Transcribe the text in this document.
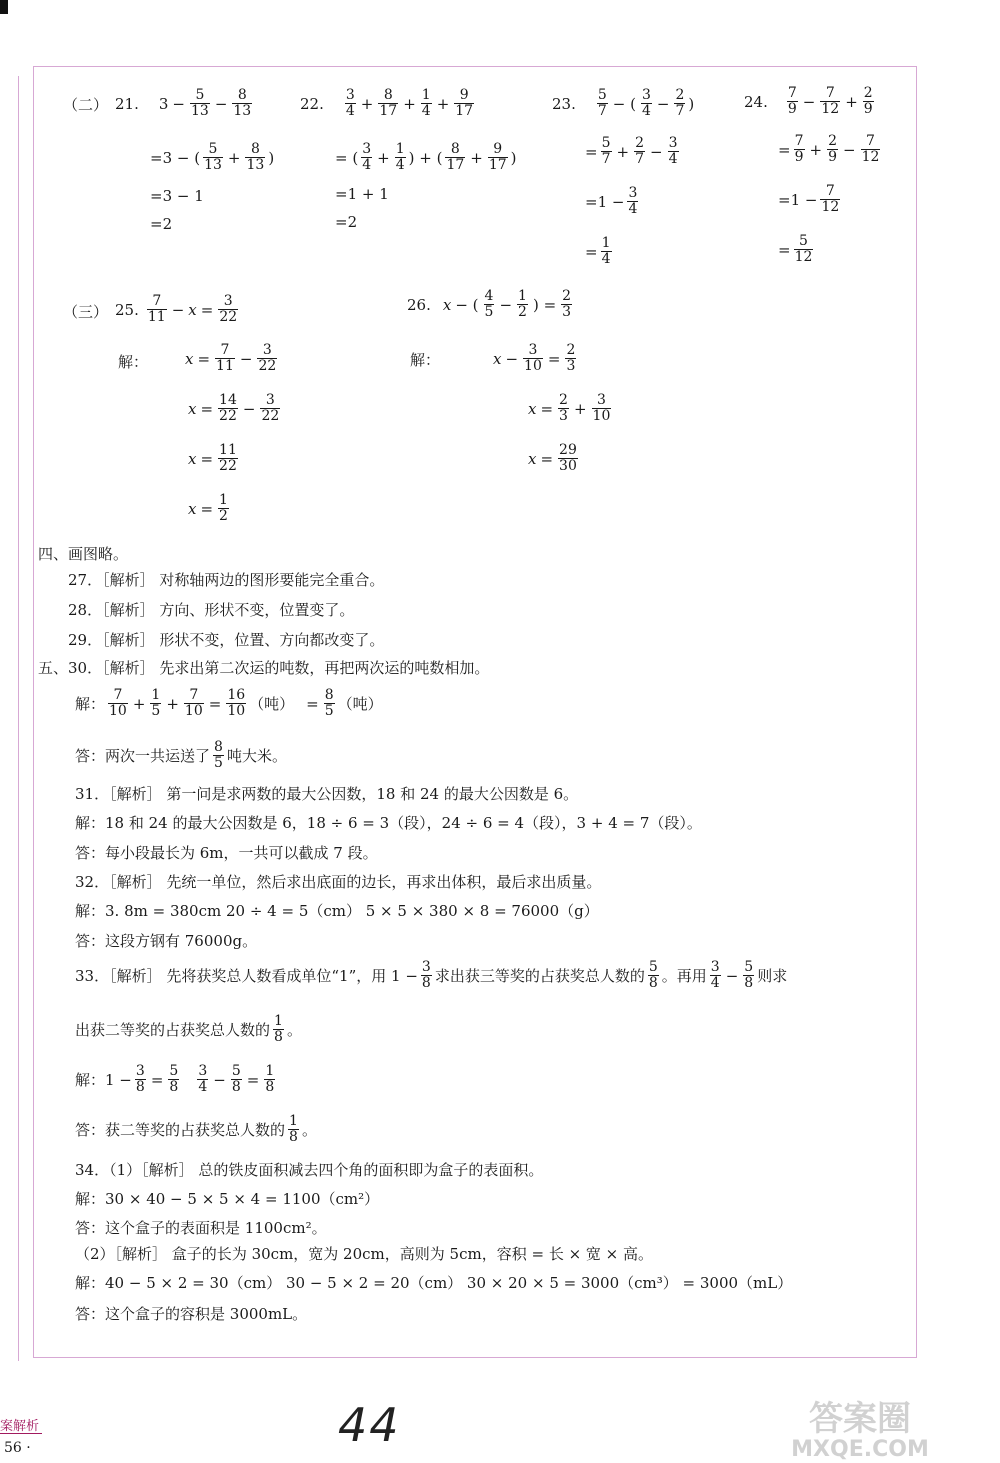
（二） 21. $3 - \frac{5}{13} - \frac{8}{13}$
=3 − ( 5
$13 + \frac{8}{13}$ )
=3 − 1
=2
22. 3
$4 + \frac{8}{17} + \frac{1}{4} + \frac{9}{17}$
= ( 3
$4 + \frac{1}{4}$ ) + ( 8
$17 + \frac{9}{17}$ )
=1 + 1
=2
23. 5
7 − ( 3
$4 - \frac{2}{7}$ )
= $\frac{5}{7} + \frac{2}{7} - \frac{3}{4}$
$=1 - \frac{3}{4}$
= $\frac{1}{4}$
24. 7
$9 - \frac{7}{12} + \frac{2}{9}$
= $\frac{7}{9} + \frac{2}{9} - \frac{7}{12}$
$=1 - \frac{7}{12}$
= $\frac{5}{12}$
（三） 25. 7
$11 - x = \frac{3}{22}$
解： $x = \frac{7}{11} - \frac{3}{22}$
$x = \frac{14}{22} - \frac{3}{22}$
$x = \frac{11}{22}$
$x = \frac{1}{2}$
26. x − ( 4
$5 - \frac{1}{2}$ ) = $\frac{2}{3}$
解：	$x - \frac{3}{10} = \frac{2}{3}$
$x = \frac{2}{3} + \frac{3}{10}$
$x = \frac{29}{30}$
四、画图略。
27．［解析］ 对称轴两边的图形要能完全重合。
28．［解析］ 方向、形状不变，位置变了。
29．［解析］ 形状不变，位置、方向都改变了。
五、30．［解析］ 先求出第二次运的吨数，再把两次运的吨数相加。
解： 7
$10 + \frac{1}{5} + \frac{7}{10} = \frac{16}{10}$ （吨） = $\frac{8}{5}$ （吨）
答：两次一共运送了 8
5 吨大米。
31．［解析］ 第一问是求两数的最大公因数，18 和 24 的最大公因数是 6。
解：18 和 24 的最大公因数是 6，18 ÷ 6 = 3（段），24 ÷ 6 = 4（段），3 + 4 = 7（段）。
答：每小段最长为 6m，一共可以截成 7 段。
32．［解析］ 先统一单位，然后求出底面的边长，再求出体积，最后求出质量。
解：3. 8m = 380cm 20 ÷ 4 = 5（cm） 5 × 5 × 380 × 8 = 76000（g）
答：这段方钢有 76000g。
33．［解析］ 先将获奖总人数看成单位“1”，用 $1 - \frac{3}{8}$ 求出获三等奖的占获奖总人数的 5
8 。再用 3
$4 - \frac{5}{8}$ 则求
出获二等奖的占获奖总人数的 1
8 。
解：$1 - \frac{3}{8} = \frac{5}{8} 3$
$4 - \frac{5}{8} = \frac{1}{8}$
答：获二等奖的占获奖总人数的 1
8 。
34．（1）［解析］ 总的铁皮面积减去四个角的面积即为盒子的表面积。
解：30 × 40 − 5 × 5 × 4 = 1100（cm²）
答：这个盒子的表面积是 1100cm²。
（2）［解析］ 盒子的长为 30cm，宽为 20cm，高则为 5cm，容积 = 长 × 宽 × 高。
解：40 − 5 × 2 = 30（cm） 30 − 5 × 2 = 20（cm） 30 × 20 × 5 = 3000（cm³） = 3000（mL）
答：这个盒子的容积是 3000mL。
案解析
56 ·	44	答案圈
MXQE.COM
